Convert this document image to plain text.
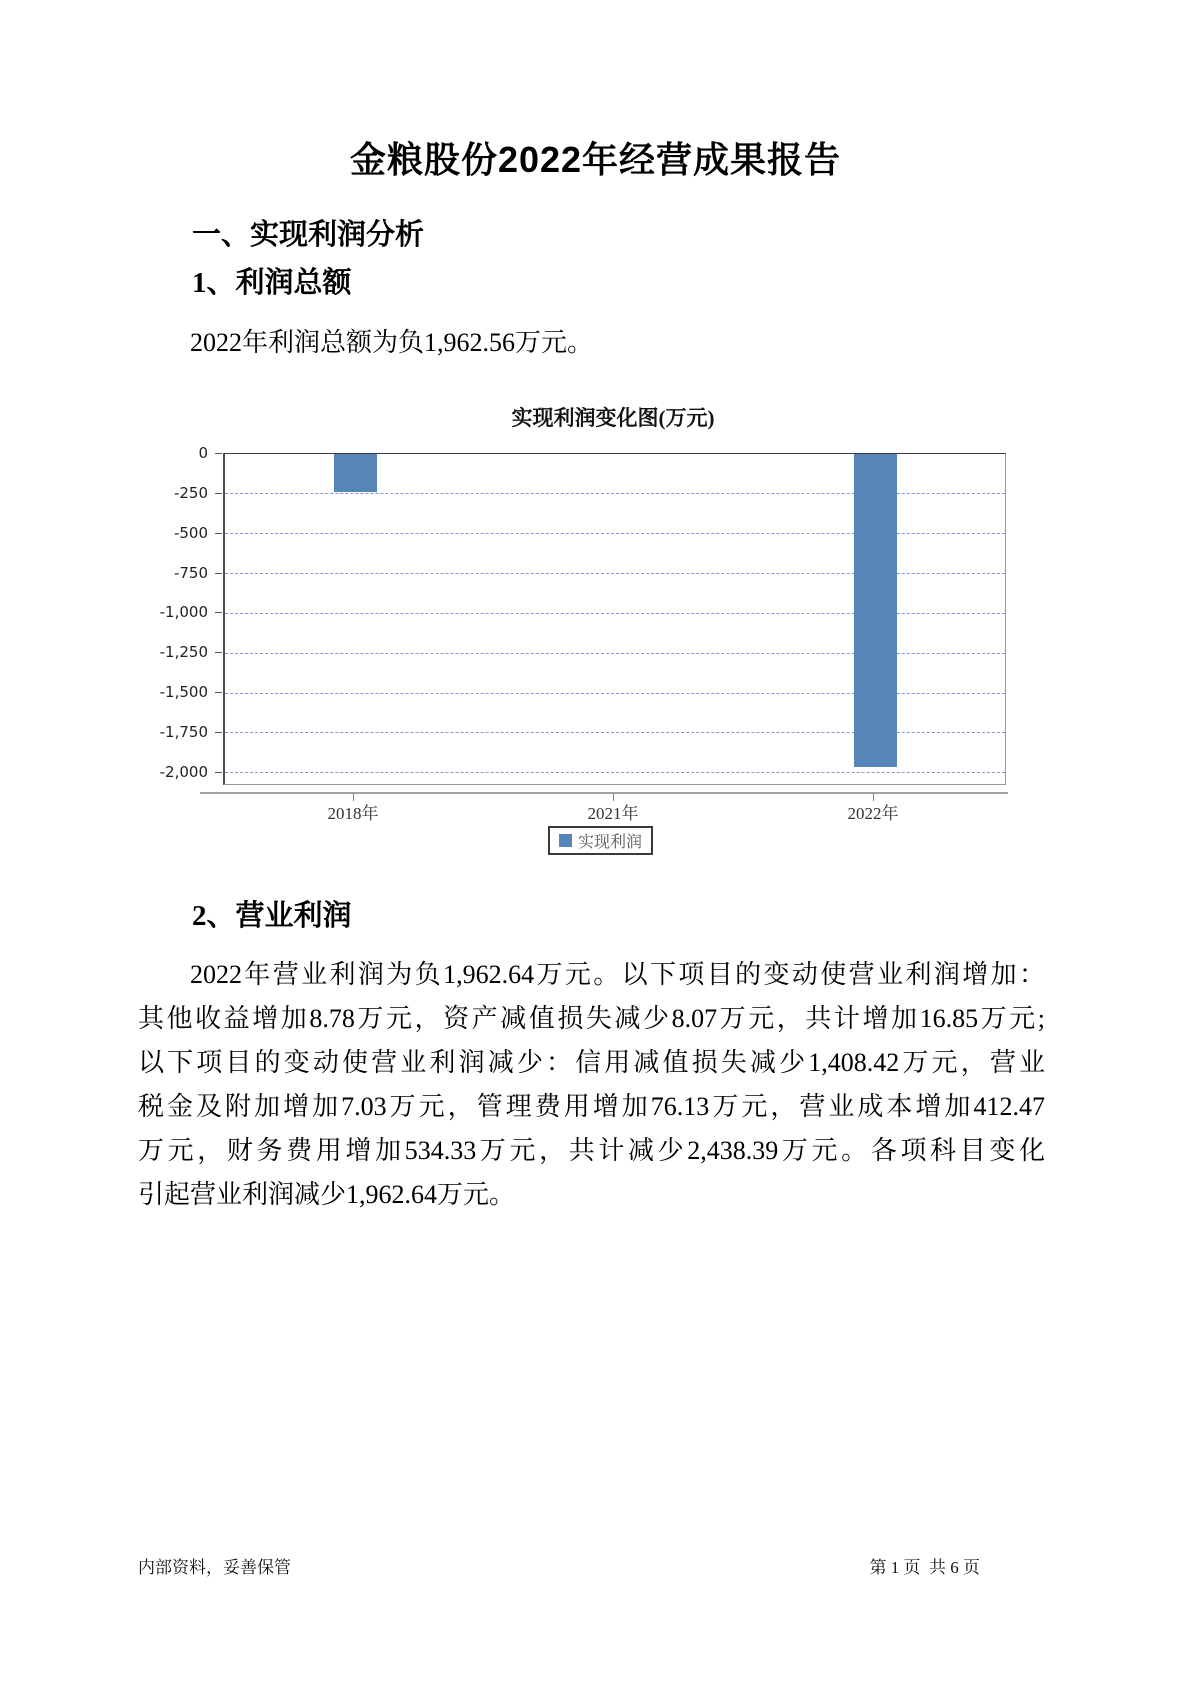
金粮股份2022年经营成果报告
一、实现利润分析
1、利润总额
2022年利润总额为负1,962.56万元。
实现利润变化图(万元)
实现利润
0
-250
-500
-750
-1,000
-1,250
-1,500
-1,750
-2,000
2018年	2021年	2022年
2、营业利润
2022年营业利润为负1,962.64万元。以下项目的变动使营业利润增加：
其他收益增加8.78万元，资产减值损失减少8.07万元，共计增加16.85万元;
以下项目的变动使营业利润减少：信用减值损失减少1,408.42万元，营业
税金及附加增加7.03万元，管理费用增加76.13万元，营业成本增加412.47
万元，财务费用增加534.33万元，共计减少2,438.39万元。各项科目变化
引起营业利润减少1,962.64万元。
内部资料，妥善保管	第 1 页  共 6 页
